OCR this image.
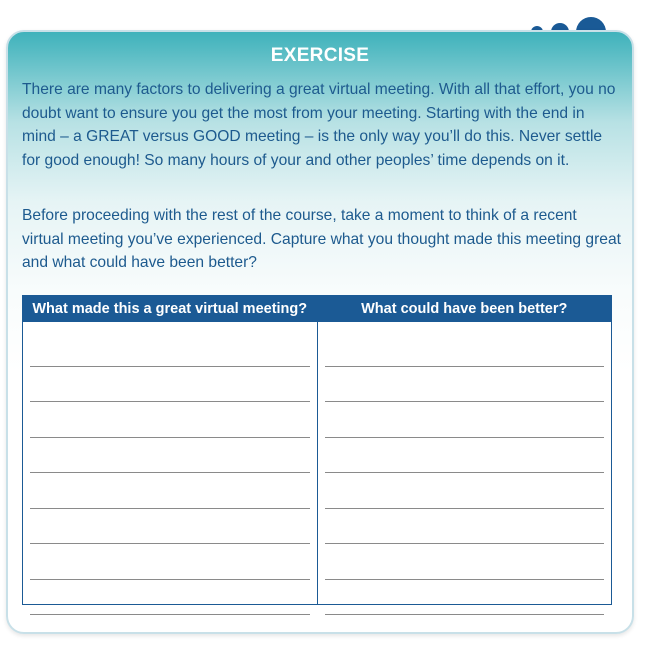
EXERCISE

There are many factors to delivering a great virtual meeting. With all that effort, you no doubt want to ensure you get the most from your meeting. Starting with the end in mind – a GREAT versus GOOD meeting – is the only way you’ll do this. Never settle for good enough! So many hours of your and other peoples’ time depends on it.

Before proceeding with the rest of the course, take a moment to think of a recent virtual meeting you’ve experienced. Capture what you thought made this meeting great and what could have been better?

What made this a great virtual meeting?	What could have been better?
